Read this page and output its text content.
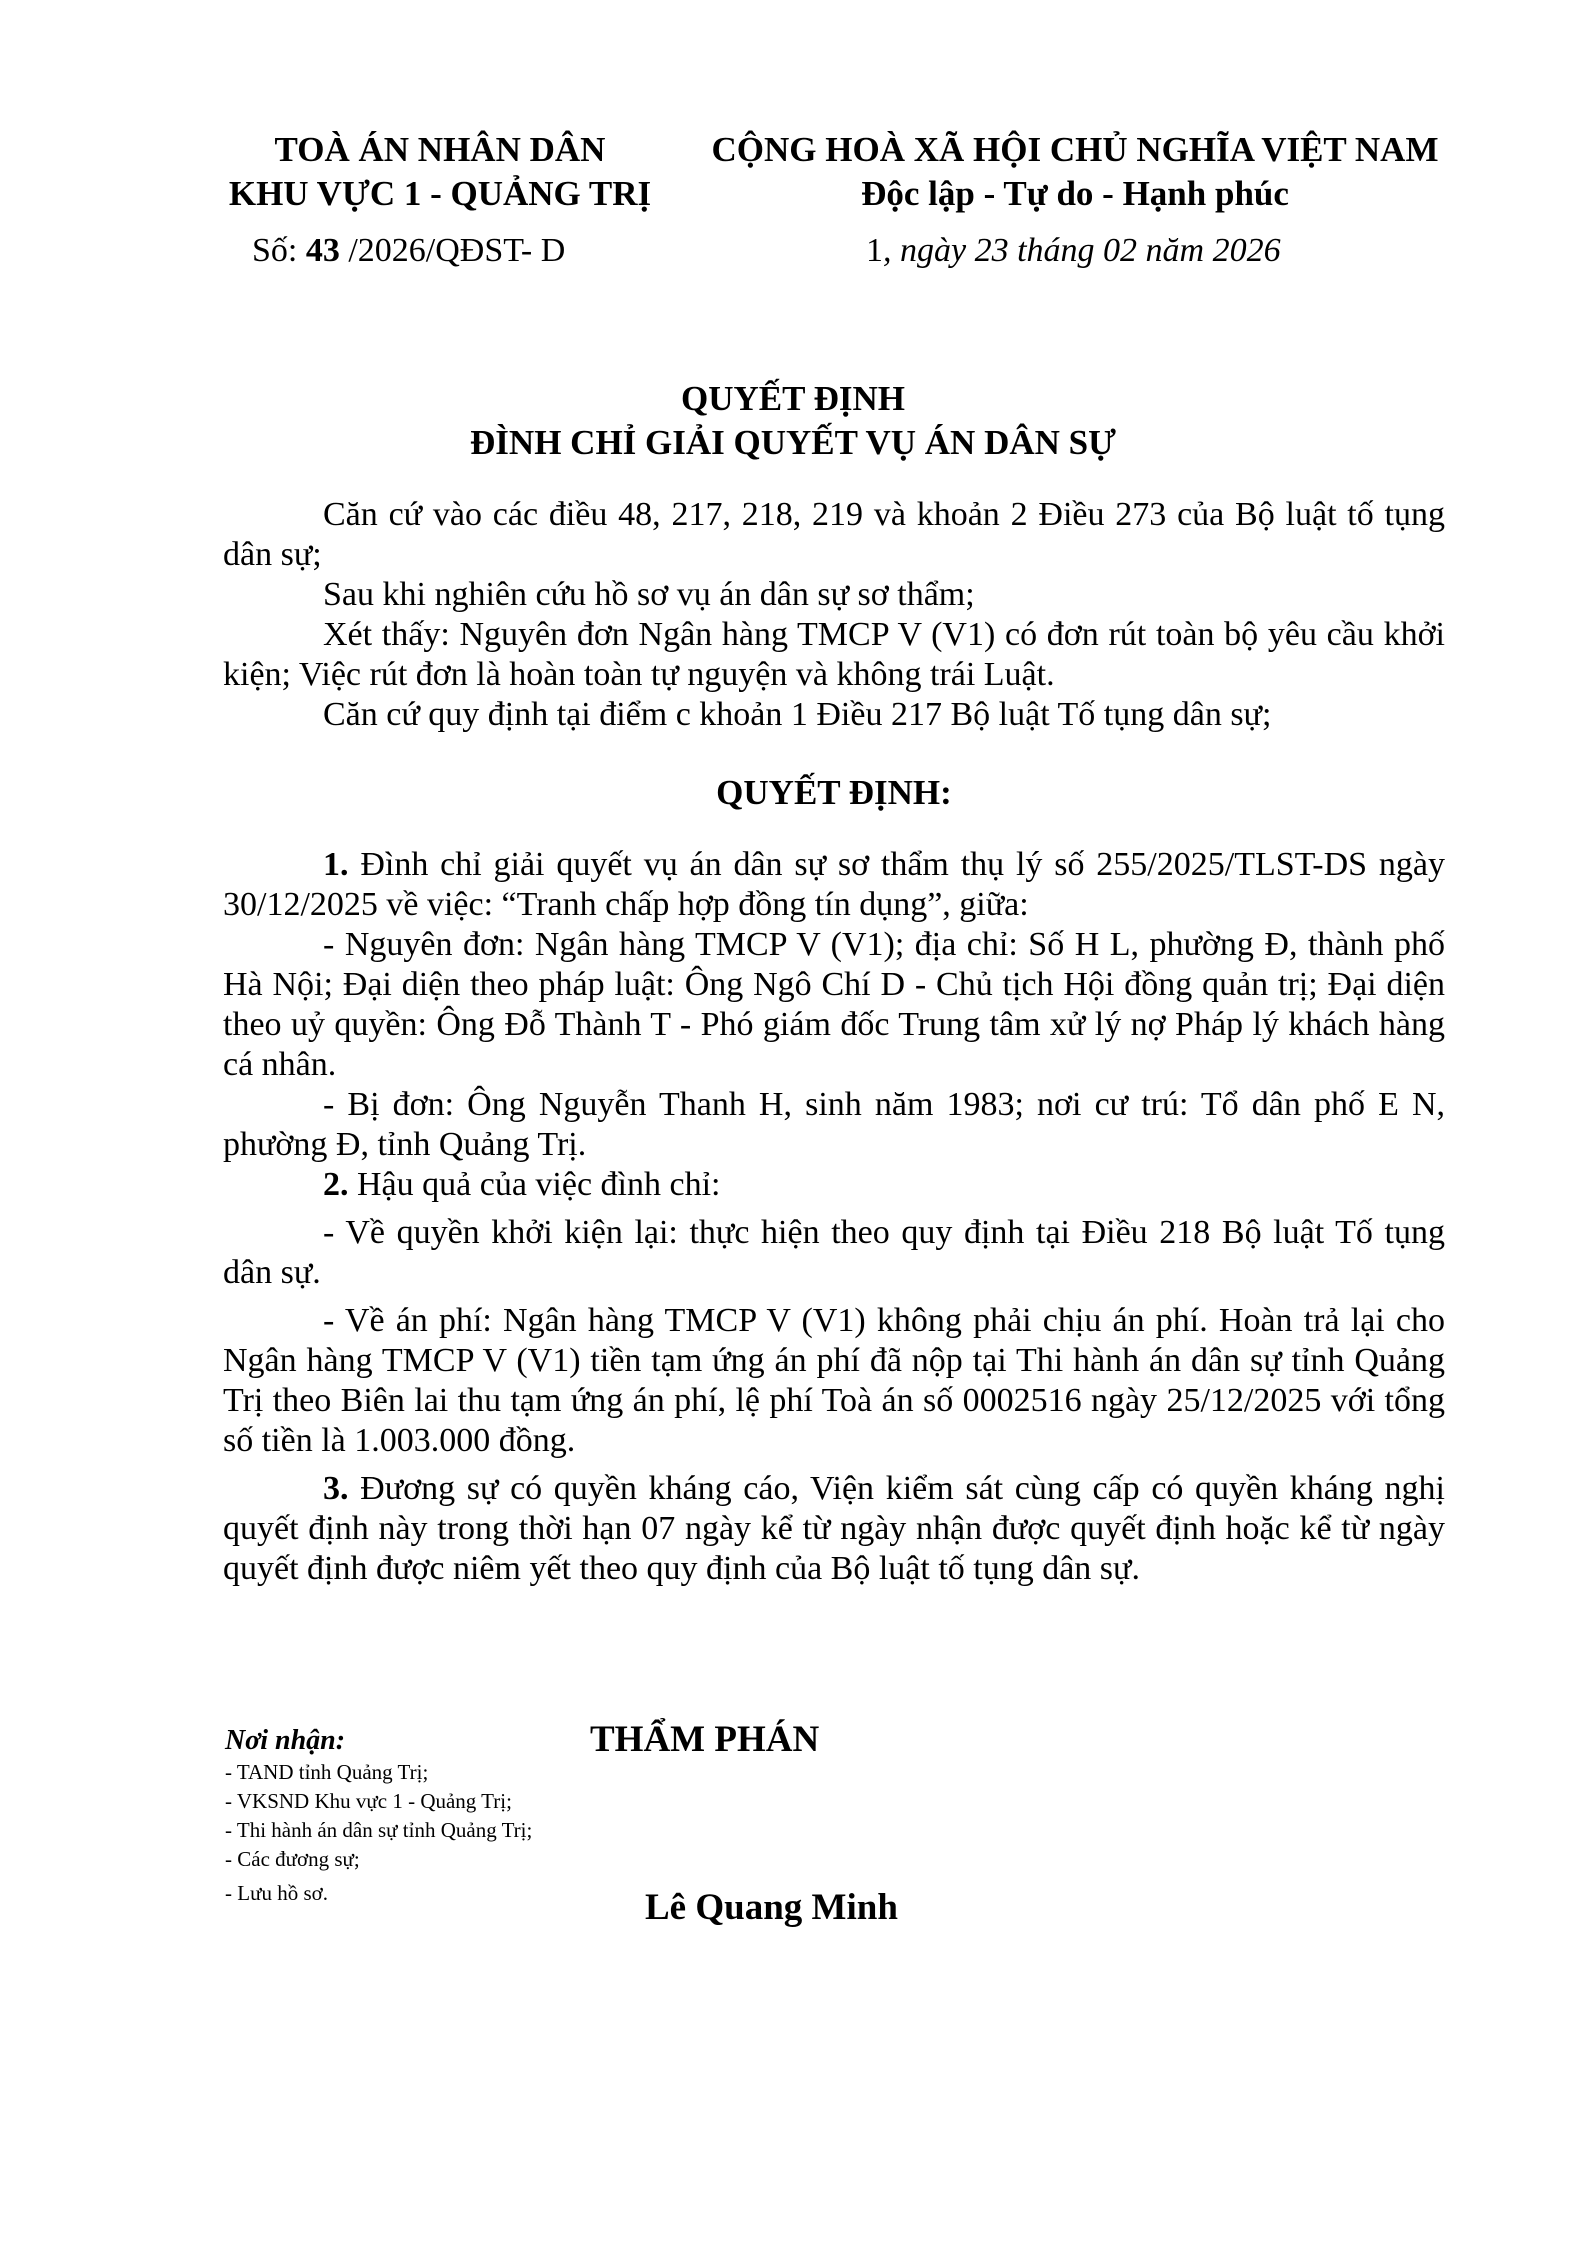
TOÀ ÁN NHÂN DÂN
KHU VỰC 1 - QUẢNG TRỊ
CỘNG HOÀ XÃ HỘI CHỦ NGHĨA VIỆT NAM
Độc lập - Tự do - Hạnh phúc
Số: 43 /2026/QĐST- D	1, ngày 23 tháng 02 năm 2026
QUYẾT ĐỊNH
ĐÌNH CHỈ GIẢI QUYẾT VỤ ÁN DÂN SỰ

Căn cứ vào các điều 48, 217, 218, 219 và khoản 2 Điều 273 của Bộ luật tố tụng dân sự;

Sau khi nghiên cứu hồ sơ vụ án dân sự sơ thẩm;

Xét thấy: Nguyên đơn Ngân hàng TMCP V (V1) có đơn rút toàn bộ yêu cầu khởi kiện; Việc rút đơn là hoàn toàn tự nguyện và không trái Luật.

Căn cứ quy định tại điểm c khoản 1 Điều 217 Bộ luật Tố tụng dân sự;

QUYẾT ĐỊNH:

1. Đình chỉ giải quyết vụ án dân sự sơ thẩm thụ lý số 255/2025/TLST-DS ngày 30/12/2025 về việc: “Tranh chấp hợp đồng tín dụng”, giữa:

- Nguyên đơn: Ngân hàng TMCP V (V1); địa chỉ: Số H L, phường Đ, thành phố Hà Nội; Đại diện theo pháp luật: Ông Ngô Chí D - Chủ tịch Hội đồng quản trị; Đại diện theo uỷ quyền: Ông Đỗ Thành T - Phó giám đốc Trung tâm xử lý nợ Pháp lý khách hàng cá nhân.

- Bị đơn: Ông Nguyễn Thanh H, sinh năm 1983; nơi cư trú: Tổ dân phố E N, phường Đ, tỉnh Quảng Trị.

2. Hậu quả của việc đình chỉ:

- Về quyền khởi kiện lại: thực hiện theo quy định tại Điều 218 Bộ luật Tố tụng dân sự.

- Về án phí: Ngân hàng TMCP V (V1) không phải chịu án phí. Hoàn trả lại cho Ngân hàng TMCP V (V1) tiền tạm ứng án phí đã nộp tại Thi hành án dân sự tỉnh Quảng Trị theo Biên lai thu tạm ứng án phí, lệ phí Toà án số 0002516 ngày 25/12/2025 với tổng số tiền là 1.003.000 đồng.

3. Đương sự có quyền kháng cáo, Viện kiểm sát cùng cấp có quyền kháng nghị quyết định này trong thời hạn 07 ngày kể từ ngày nhận được quyết định hoặc kể từ ngày quyết định được niêm yết theo quy định của Bộ luật tố tụng dân sự.

Nơi nhận:
- TAND tỉnh Quảng Trị;
- VKSND Khu vực 1 - Quảng Trị;
- Thi hành án dân sự tỉnh Quảng Trị;
- Các đương sự;
- Lưu hồ sơ.
THẨM PHÁN
Lê Quang Minh
